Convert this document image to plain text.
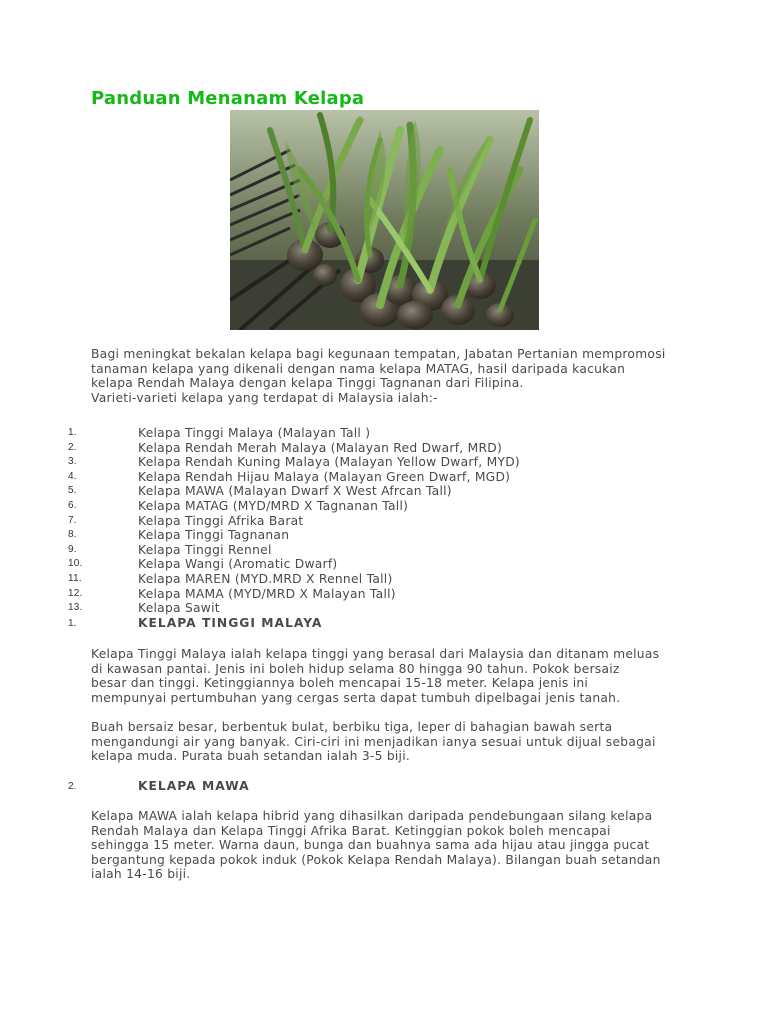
Panduan Menanam Kelapa
Bagi meningkat bekalan kelapa bagi kegunaan tempatan, Jabatan Pertanian mempromosi
tanaman kelapa yang dikenali dengan nama kelapa MATAG, hasil daripada kacukan
kelapa Rendah Malaya dengan kelapa Tinggi Tagnanan dari Filipina.
Varieti-varieti kelapa yang terdapat di Malaysia ialah:-
1.	Kelapa Tinggi Malaya (Malayan Tall )
2.	Kelapa Rendah Merah Malaya (Malayan Red Dwarf, MRD)
3.	Kelapa Rendah Kuning Malaya (Malayan Yellow Dwarf, MYD)
4.	Kelapa Rendah Hijau Malaya (Malayan Green Dwarf, MGD)
5.	Kelapa MAWA (Malayan Dwarf X West Afrcan Tall)
6.	Kelapa MATAG (MYD/MRD X Tagnanan Tall)
7.	Kelapa Tinggi Afrika Barat
8.	Kelapa Tinggi Tagnanan
9.	Kelapa Tinggi Rennel
10.	Kelapa Wangi (Aromatic Dwarf)
11.	Kelapa MAREN (MYD.MRD X Rennel Tall)
12.	Kelapa MAMA (MYD/MRD X Malayan Tall)
13.	Kelapa Sawit
1.	KELAPA TINGGI MALAYA
Kelapa Tinggi Malaya ialah kelapa tinggi yang berasal dari Malaysia dan ditanam meluas
di kawasan pantai. Jenis ini boleh hidup selama 80 hingga 90 tahun. Pokok bersaiz
besar dan tinggi. Ketinggiannya boleh mencapai 15-18 meter. Kelapa jenis ini
mempunyai pertumbuhan yang cergas serta dapat tumbuh dipelbagai jenis tanah.
Buah bersaiz besar, berbentuk bulat, berbiku tiga, leper di bahagian bawah serta
mengandungi air yang banyak. Ciri-ciri ini menjadikan ianya sesuai untuk dijual sebagai
kelapa muda. Purata buah setandan ialah 3-5 biji.
2.	KELAPA MAWA
Kelapa MAWA ialah kelapa hibrid yang dihasilkan daripada pendebungaan silang kelapa
Rendah Malaya dan Kelapa Tinggi Afrika Barat. Ketinggian pokok boleh mencapai
sehingga 15 meter. Warna daun, bunga dan buahnya sama ada hijau atau jingga pucat
bergantung kepada pokok induk (Pokok Kelapa Rendah Malaya). Bilangan buah setandan
ialah 14-16 biji.
